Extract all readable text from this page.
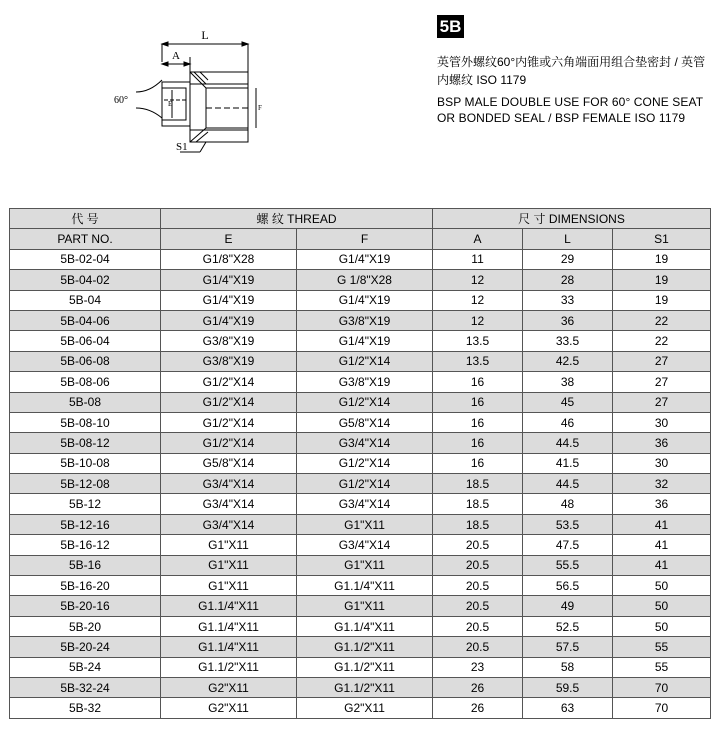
L
A
60°	E	F
S1
5B
英管外螺纹60°内锥或六角端面用组合垫密封 / 英管内螺纹 ISO 1179
BSP MALE DOUBLE USE FOR 60° CONE SEAT OR BONDED SEAL / BSP FEMALE ISO 1179
代 号	螺 纹 THREAD		尺 寸 DIMENSIONS		
PART NO.	E	F	A	L	S1
5B-02-04	G1/8"X28	G1/4"X19	11	29	19
5B-04-02	G1/4"X19	G 1/8"X28	12	28	19
5B-04	G1/4"X19	G1/4"X19	12	33	19
5B-04-06	G1/4"X19	G3/8"X19	12	36	22
5B-06-04	G3/8"X19	G1/4"X19	13.5	33.5	22
5B-06-08	G3/8"X19	G1/2"X14	13.5	42.5	27
5B-08-06	G1/2"X14	G3/8"X19	16	38	27
5B-08	G1/2"X14	G1/2"X14	16	45	27
5B-08-10	G1/2"X14	G5/8"X14	16	46	30
5B-08-12	G1/2"X14	G3/4"X14	16	44.5	36
5B-10-08	G5/8"X14	G1/2"X14	16	41.5	30
5B-12-08	G3/4"X14	G1/2"X14	18.5	44.5	32
5B-12	G3/4"X14	G3/4"X14	18.5	48	36
5B-12-16	G3/4"X14	G1"X11	18.5	53.5	41
5B-16-12	G1"X11	G3/4"X14	20.5	47.5	41
5B-16	G1"X11	G1"X11	20.5	55.5	41
5B-16-20	G1"X11	G1.1/4"X11	20.5	56.5	50
5B-20-16	G1.1/4"X11	G1"X11	20.5	49	50
5B-20	G1.1/4"X11	G1.1/4"X11	20.5	52.5	50
5B-20-24	G1.1/4"X11	G1.1/2"X11	20.5	57.5	55
5B-24	G1.1/2"X11	G1.1/2"X11	23	58	55
5B-32-24	G2"X11	G1.1/2"X11	26	59.5	70
5B-32	G2"X11	G2"X11	26	63	70
